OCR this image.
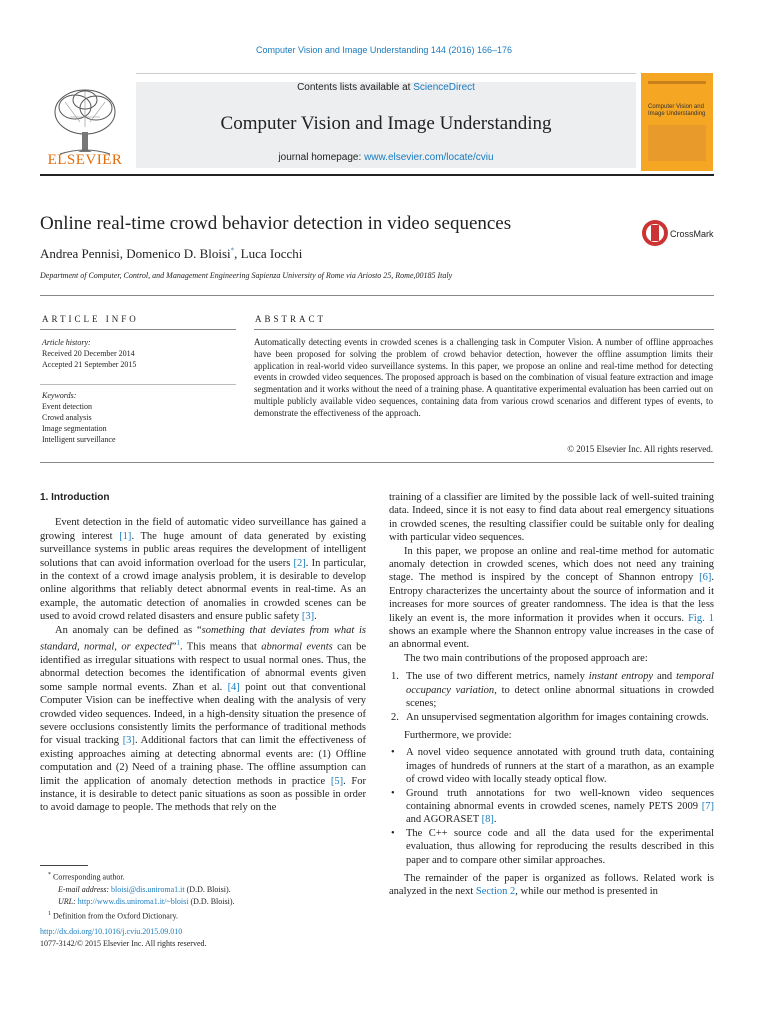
Computer Vision and Image Understanding 144 (2016) 166–176
ELSEVIER
Contents lists available at ScienceDirect
Computer Vision and Image Understanding
journal homepage: www.elsevier.com/locate/cviu
Computer Vision and Image Understanding
Online real-time crowd behavior detection in video sequences
Andrea Pennisi, Domenico D. Bloisi*, Luca Iocchi
Department of Computer, Control, and Management Engineering Sapienza University of Rome via Ariosto 25, Rome,00185 Italy
CrossMark
ARTICLE INFO
Article history:
Received 20 December 2014
Accepted 21 September 2015
Keywords:
Event detection
Crowd analysis
Image segmentation
Intelligent surveillance
ABSTRACT
Automatically detecting events in crowded scenes is a challenging task in Computer Vision. A number of offline approaches have been proposed for solving the problem of crowd behavior detection, however the offline assumption limits their application in real-world video surveillance systems. In this paper, we propose an online and real-time method for detecting events in crowded video sequences. The proposed approach is based on the combination of visual feature extraction and image segmentation and it works without the need of a training phase. A quantitative experimental evaluation has been carried out on multiple publicly available video sequences, containing data from various crowd scenarios and different types of events, to demonstrate the effectiveness of the approach.
© 2015 Elsevier Inc. All rights reserved.

1. Introduction

Event detection in the field of automatic video surveillance has gained a growing interest [1]. The huge amount of data generated by existing surveillance systems in public areas requires the development of intelligent solutions that can avoid information overload for the users [2]. In particular, in the context of a crowd image analysis problem, it is desirable to develop online algorithms that reliably detect abnormal events in real-time. As an example, the automatic detection of anomalies in crowded scenes can be used to avoid crowd related disasters and ensure public safety [3].

An anomaly can be defined as “something that deviates from what is standard, normal, or expected”$^1$. This means that abnormal events can be identified as irregular situations with respect to usual normal ones. Thus, the abnormal detection becomes the identification of abnormal events given some sample normal events. Zhan et al. [4] point out that conventional Computer Vision can be ineffective when dealing with the analysis of very crowded video sequences. Indeed, in a high-density situation the presence of severe occlusions consistently limits the performance of traditional methods for visual tracking [3]. Additional factors that can limit the effectiveness of existing approaches aiming at detecting abnormal events are: (1) Offline computation and (2) Need of a training phase. The offline assumption can limit the application of anomaly detection methods in practice [5]. For instance, it is desirable to detect panic situations as soon as possible in order to avoid damage to people. The methods that rely on the

* Corresponding author.
E-mail address: bloisi@dis.uniroma1.it (D.D. Bloisi).
URL: http://www.dis.uniroma1.it/~bloisi (D.D. Bloisi).
$^1$ Definition from the Oxford Dictionary.
http://dx.doi.org/10.1016/j.cviu.2015.09.010
1077-3142/© 2015 Elsevier Inc. All rights reserved.

training of a classifier are limited by the possible lack of well-suited training data. Indeed, since it is not easy to find data about real emergency situations in crowded scenes, the resulting classifier could be suitable only for dealing with particular video sequences.

In this paper, we propose an online and real-time method for automatic anomaly detection in crowded scenes, which does not need any training stage. The method is inspired by the concept of Shannon entropy [6]. Entropy characterizes the uncertainty about the source of information and it increases for more sources of greater randomness. The idea is that the less likely an event is, the more information it provides when it occurs. Fig. 1 shows an example where the Shannon entropy value increases in the case of an abnormal event.

The two main contributions of the proposed approach are:

1. The use of two different metrics, namely instant entropy and temporal occupancy variation, to detect online abnormal situations in crowded scenes;
2. An unsupervised segmentation algorithm for images containing crowds.

Furthermore, we provide:

• A novel video sequence annotated with ground truth data, containing images of hundreds of runners at the start of a marathon, as an example of crowd video with locally steady optical flow.
• Ground truth annotations for two well-known video sequences containing abnormal events in crowded scenes, namely PETS 2009 [7] and AGORASET [8].
• The C++ source code and all the data used for the experimental evaluation, thus allowing for reproducing the results described in this paper and to compare other similar approaches.

The remainder of the paper is organized as follows. Related work is analyzed in the next Section 2, while our method is presented in
